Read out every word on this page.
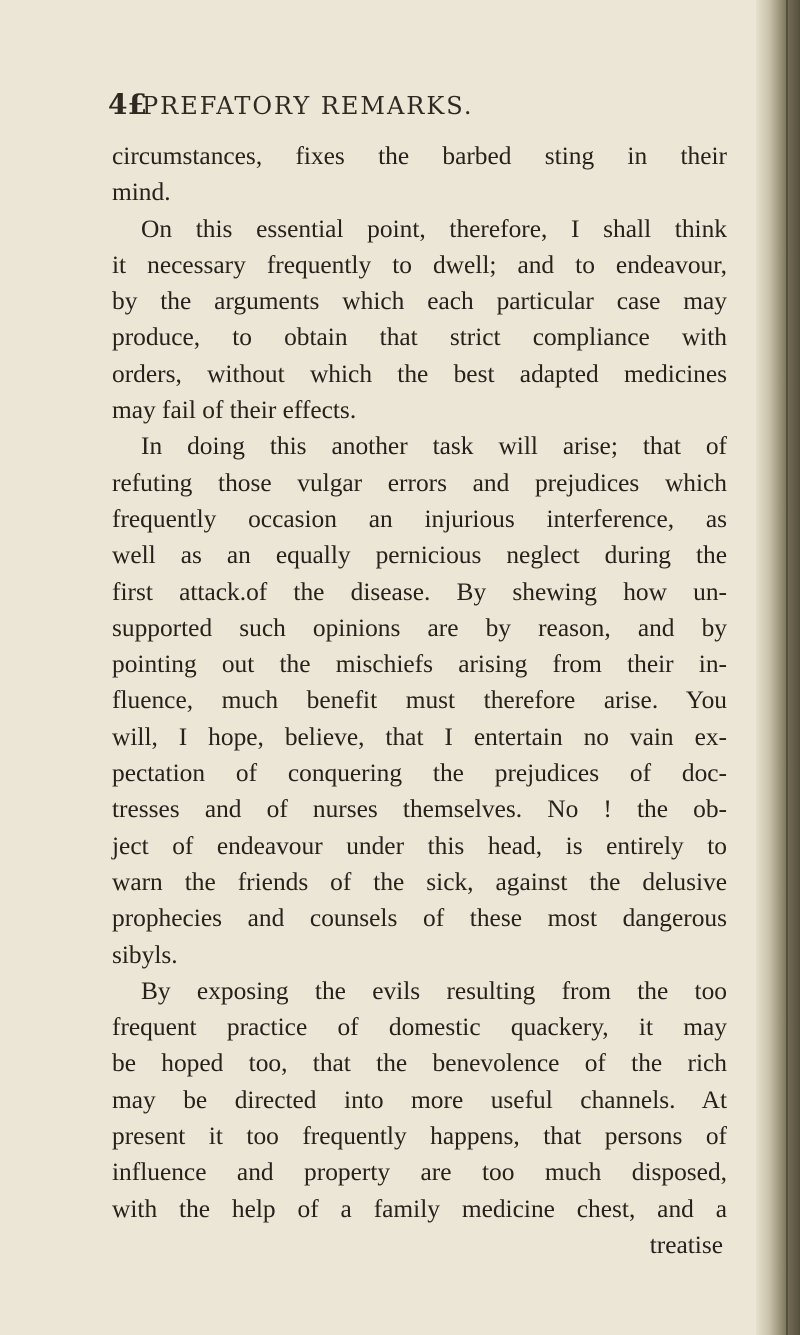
4£
PREFATORY REMARKS.
circumstances, fixes the barbed sting in their
mind.
On this essential point, therefore, I shall think
it necessary frequently to dwell; and to endeavour,
by the arguments which each particular case may
produce, to obtain that strict compliance with
orders, without which the best adapted medicines
may fail of their effects.
In doing this another task will arise; that of
refuting those vulgar errors and prejudices which
frequently occasion an injurious interference, as
well as an equally pernicious neglect during the
first attack.of the disease. By shewing how un-
supported such opinions are by reason, and by
pointing out the mischiefs arising from their in-
fluence, much benefit must therefore arise. You
will, I hope, believe, that I entertain no vain ex-
pectation of conquering the prejudices of doc-
tresses and of nurses themselves. No ! the ob-
ject of endeavour under this head, is entirely to
warn the friends of the sick, against the delusive
prophecies and counsels of these most dangerous
sibyls.
By exposing the evils resulting from the too
frequent practice of domestic quackery, it may
be hoped too, that the benevolence of the rich
may be directed into more useful channels. At
present it too frequently happens, that persons of
influence and property are too much disposed,
with the help of a family medicine chest, and a
treatise
